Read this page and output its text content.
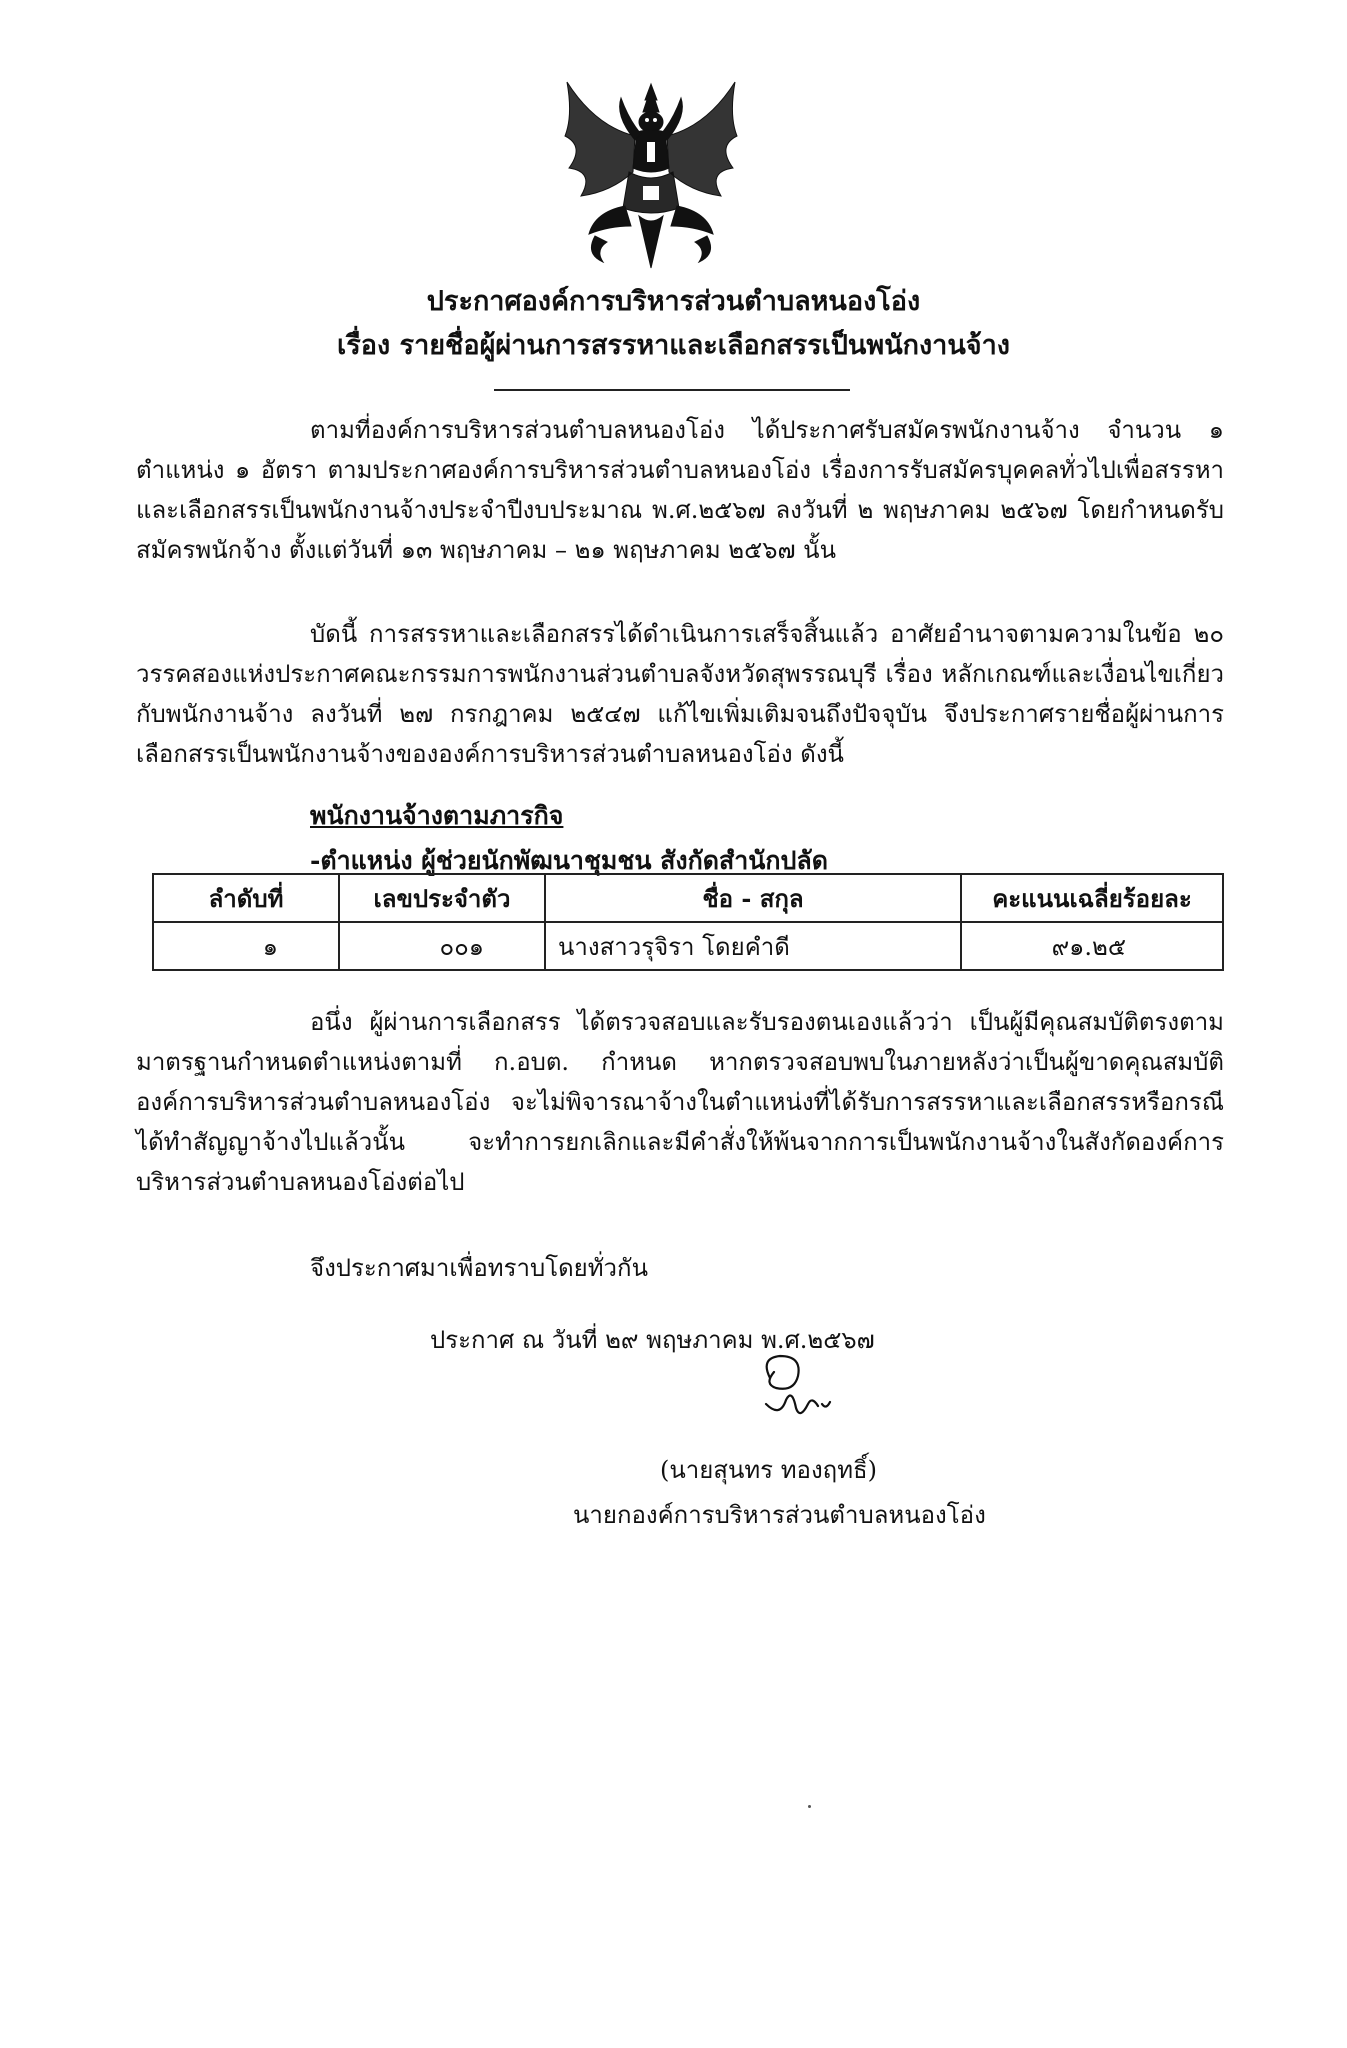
ประกาศองค์การบริหารส่วนตำบลหนองโอ่ง
เรื่อง รายชื่อผู้ผ่านการสรรหาและเลือกสรรเป็นพนักงานจ้าง

ตามที่องค์การบริหารส่วนตำบลหนองโอ่ง ได้ประกาศรับสมัครพนักงานจ้าง จำนวน ๑ ตำแหน่ง ๑ อัตรา ตามประกาศองค์การบริหารส่วนตำบลหนองโอ่ง เรื่องการรับสมัครบุคคลทั่วไปเพื่อสรรหาและเลือกสรรเป็นพนักงานจ้างประจำปีงบประมาณ พ.ศ.๒๕๖๗ ลงวันที่ ๒ พฤษภาคม ๒๕๖๗ โดยกำหนดรับสมัครพนักจ้าง ตั้งแต่วันที่ ๑๓ พฤษภาคม – ๒๑ พฤษภาคม ๒๕๖๗ นั้น

บัดนี้ การสรรหาและเลือกสรรได้ดำเนินการเสร็จสิ้นแล้ว อาศัยอำนาจตามความในข้อ ๒๐ วรรคสองแห่งประกาศคณะกรรมการพนักงานส่วนตำบลจังหวัดสุพรรณบุรี เรื่อง หลักเกณฑ์และเงื่อนไขเกี่ยวกับพนักงานจ้าง ลงวันที่ ๒๗ กรกฎาคม ๒๕๔๗ แก้ไขเพิ่มเติมจนถึงปัจจุบัน จึงประกาศรายชื่อผู้ผ่านการเลือกสรรเป็นพนักงานจ้างขององค์การบริหารส่วนตำบลหนองโอ่ง ดังนี้

พนักงานจ้างตามภารกิจ
-ตำแหน่ง ผู้ช่วยนักพัฒนาชุมชน สังกัดสำนักปลัด
ลำดับที่	เลขประจำตัว	ชื่อ - สกุล	คะแนนเฉลี่ยร้อยละ
๑	๐๐๑	นางสาวรุจิรา โดยคำดี	๙๑.๒๕

อนึ่ง ผู้ผ่านการเลือกสรร ได้ตรวจสอบและรับรองตนเองแล้วว่า เป็นผู้มีคุณสมบัติตรงตามมาตรฐานกำหนดตำแหน่งตามที่ ก.อบต. กำหนด หากตรวจสอบพบในภายหลังว่าเป็นผู้ขาดคุณสมบัติ องค์การบริหารส่วนตำบลหนองโอ่ง จะไม่พิจารณาจ้างในตำแหน่งที่ได้รับการสรรหาและเลือกสรรหรือกรณีได้ทำสัญญาจ้างไปแล้วนั้น จะทำการยกเลิกและมีคำสั่งให้พ้นจากการเป็นพนักงานจ้างในสังกัดองค์การบริหารส่วนตำบลหนองโอ่งต่อไป

จึงประกาศมาเพื่อทราบโดยทั่วกัน
ประกาศ ณ วันที่ ๒๙ พฤษภาคม พ.ศ.๒๕๖๗
(นายสุนทร ทองฤทธิ์)
นายกองค์การบริหารส่วนตำบลหนองโอ่ง
